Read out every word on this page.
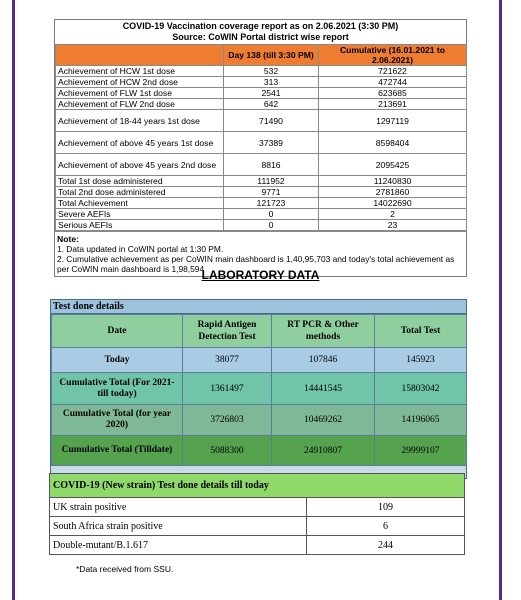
COVID-19 Vaccination coverage report as on 2.06.2021 (3:30 PM)
Source: CoWIN Portal district wise report
	Day 138 (till 3:30 PM)	Cumulative (16.01.2021 to 2.06.2021)
Achievement of HCW 1st dose	532	721622
Achievement of HCW 2nd dose	313	472744
Achievement of FLW 1st dose	2541	623685
Achievement of FLW 2nd dose	642	213691
Achievement of 18-44 years 1st dose	71490	1297119
Achievement of above 45 years 1st dose	37389	8598404
Achievement of above 45 years 2nd dose	8816	2095425
Total 1st dose administered	111952	11240830
Total 2nd dose administered	9771	2781860
Total Achievement	121723	14022690
Severe AEFIs	0	2
Serious AEFIs	0	23
Note:
1. Data updated in CoWIN portal at 1:30 PM.
2. Cumulative achievement as per CoWIN main dashboard is 1,40,95,703 and today's total achievement as per CoWIN main dashboard is 1,98,594
LABORATORY DATA
Test done details
Date	Rapid Antigen Detection Test	RT PCR & Other methods	Total Test
Today	38077	107846	145923
Cumulative Total (For 2021- till today)	1361497	14441545	15803042
Cumulative Total (for year 2020)	3726803	10469262	14196065
Cumulative Total (Tilldate)	5088300	24910807	29999107
COVID-19 (New strain) Test done details till today	
UK strain positive	109
South Africa strain positive	6
Double-mutant/B.1.617	244
*Data received from SSU.
